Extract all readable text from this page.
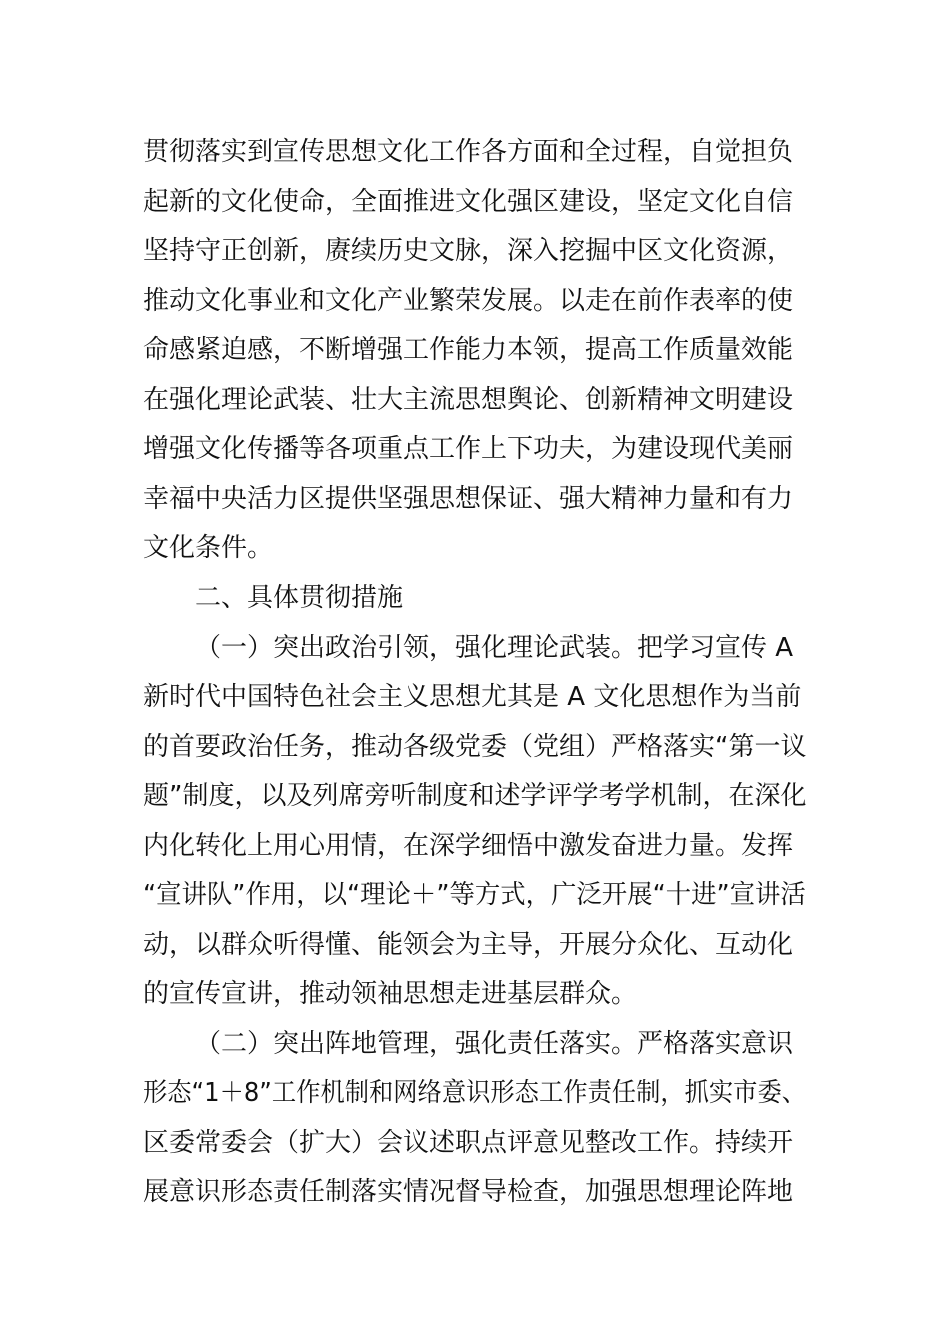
贯彻落实到宣传思想文化工作各方面和全过程，自觉担负
起新的文化使命，全面推进文化强区建设，坚定文化自信
坚持守正创新，赓续历史文脉，深入挖掘中区文化资源，
推动文化事业和文化产业繁荣发展。以走在前作表率的使
命感紧迫感，不断增强工作能力本领，提高工作质量效能
在强化理论武装、壮大主流思想舆论、创新精神文明建设
增强文化传播等各项重点工作上下功夫，为建设现代美丽
幸福中央活力区提供坚强思想保证、强大精神力量和有力
文化条件。
二、具体贯彻措施
（一）突出政治引领，强化理论武装。把学习宣传 A
新时代中国特色社会主义思想尤其是 A 文化思想作为当前
的首要政治任务，推动各级党委（党组）严格落实“第一议
题”制度，以及列席旁听制度和述学评学考学机制，在深化
内化转化上用心用情，在深学细悟中激发奋进力量。发挥
“宣讲队”作用，以“理论＋”等方式，广泛开展“十进”宣讲活
动，以群众听得懂、能领会为主导，开展分众化、互动化
的宣传宣讲，推动领袖思想走进基层群众。
（二）突出阵地管理，强化责任落实。严格落实意识
形态“1＋8”工作机制和网络意识形态工作责任制，抓实市委、
区委常委会（扩大）会议述职点评意见整改工作。持续开
展意识形态责任制落实情况督导检查，加强思想理论阵地
